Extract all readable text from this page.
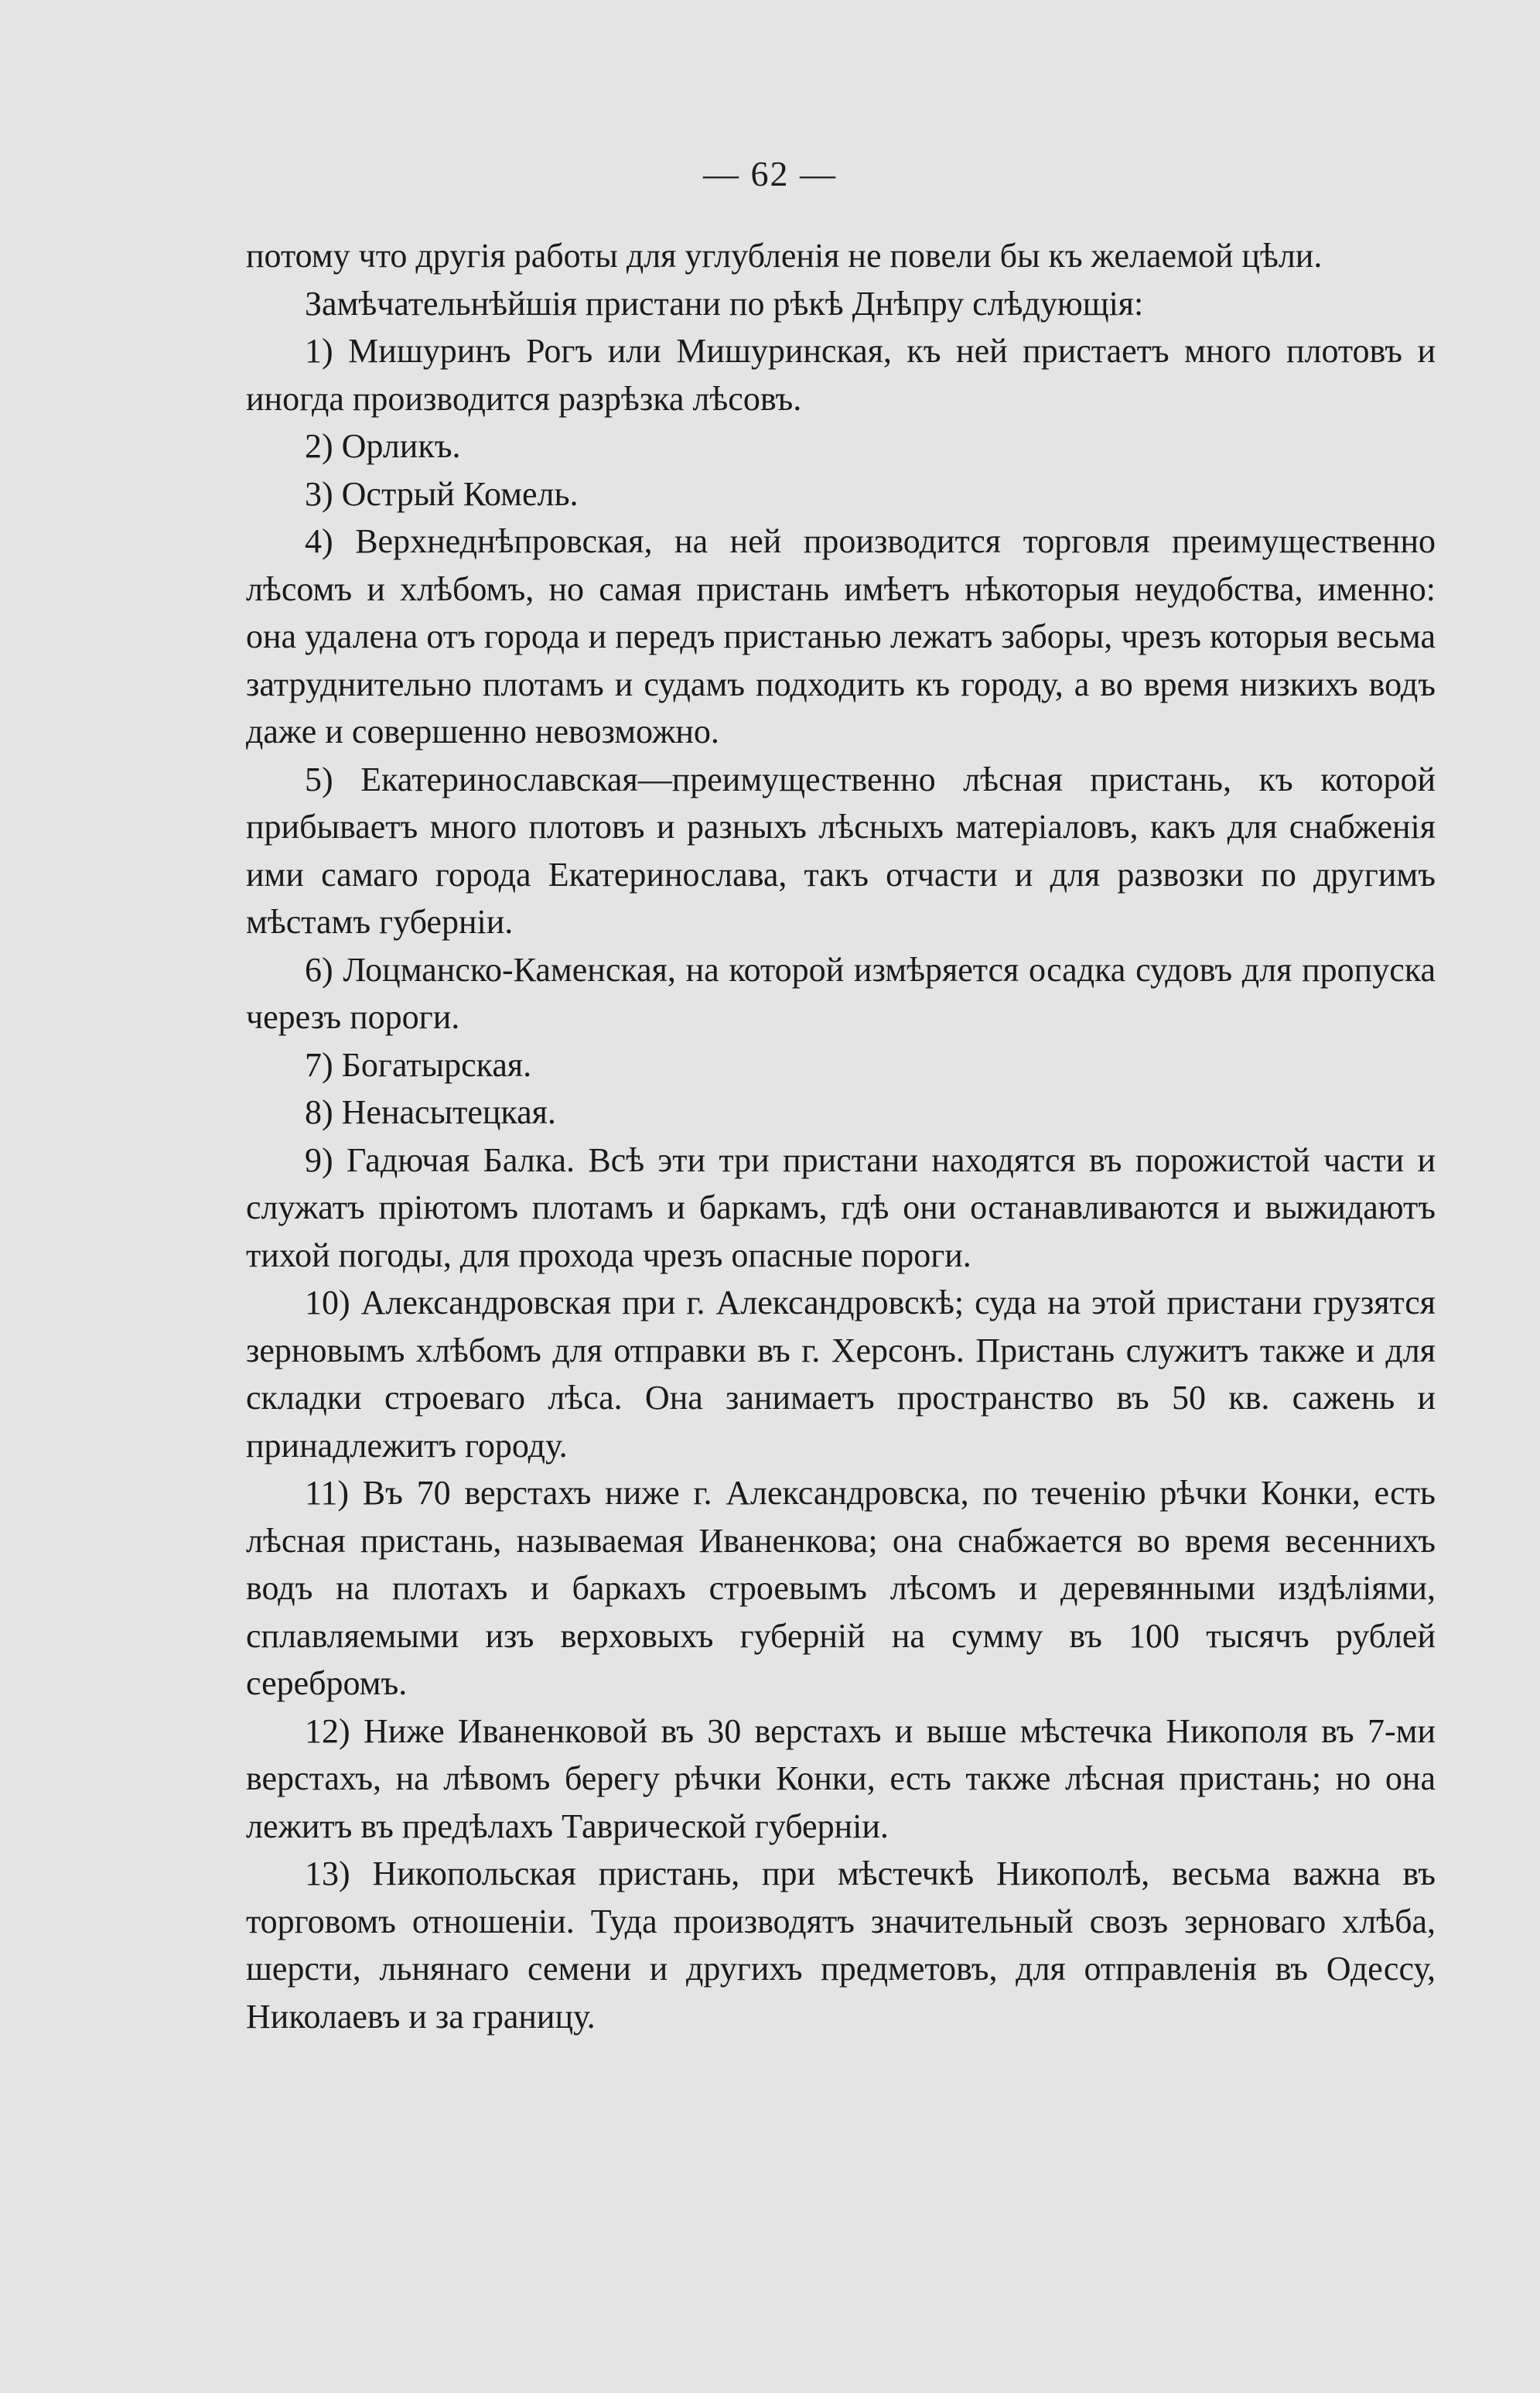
— 62 —

потому что другія работы для углубленія не повели бы къ желаемой цѣли.

Замѣчательнѣйшія пристани по рѣкѣ Днѣпру слѣдующія:

1) Мишуринъ Рогъ или Мишуринская, къ ней пристаетъ много плотовъ и иногда производится разрѣзка лѣсовъ.

2) Орликъ.

3) Острый Комель.

4) Верхнеднѣпровская, на ней производится торговля преимущественно лѣсомъ и хлѣбомъ, но самая пристань имѣетъ нѣкоторыя неудобства, именно: она удалена отъ города и передъ пристанью лежатъ заборы, чрезъ которыя весьма затруднительно плотамъ и судамъ подходить къ городу, а во время низкихъ водъ даже и совершенно невозможно.

5) Екатеринославская—преимущественно лѣсная пристань, къ которой прибываетъ много плотовъ и разныхъ лѣсныхъ матеріаловъ, какъ для снабженія ими самаго города Екатеринослава, такъ отчасти и для развозки по другимъ мѣстамъ губерніи.

6) Лоцманско-Каменская, на которой измѣряется осадка судовъ для пропуска черезъ пороги.

7) Богатырская.

8) Ненасытецкая.

9) Гадючая Балка. Всѣ эти три пристани находятся въ порожистой части и служатъ пріютомъ плотамъ и баркамъ, гдѣ они останавливаются и выжидаютъ тихой погоды, для прохода чрезъ опасные пороги.

10) Александровская при г. Александровскѣ; суда на этой пристани грузятся зерновымъ хлѣбомъ для отправки въ г. Херсонъ. Пристань служитъ также и для складки строеваго лѣса. Она занимаетъ пространство въ 50 кв. сажень и принадлежитъ городу.

11) Въ 70 верстахъ ниже г. Александровска, по теченію рѣчки Конки, есть лѣсная пристань, называемая Иваненкова; она снабжается во время весеннихъ водъ на плотахъ и баркахъ строевымъ лѣсомъ и деревянными издѣліями, сплавляемыми изъ верховыхъ губерній на сумму въ 100 тысячъ рублей серебромъ.

12) Ниже Иваненковой въ 30 верстахъ и выше мѣстечка Никополя въ 7-ми верстахъ, на лѣвомъ берегу рѣчки Конки, есть также лѣсная пристань; но она лежитъ въ предѣлахъ Таврической губерніи.

13) Никопольская пристань, при мѣстечкѣ Никополѣ, весьма важна въ торговомъ отношеніи. Туда производятъ значительный свозъ зерноваго хлѣба, шерсти, льнянаго семени и другихъ предметовъ, для отправленія въ Одессу, Николаевъ и за границу.
